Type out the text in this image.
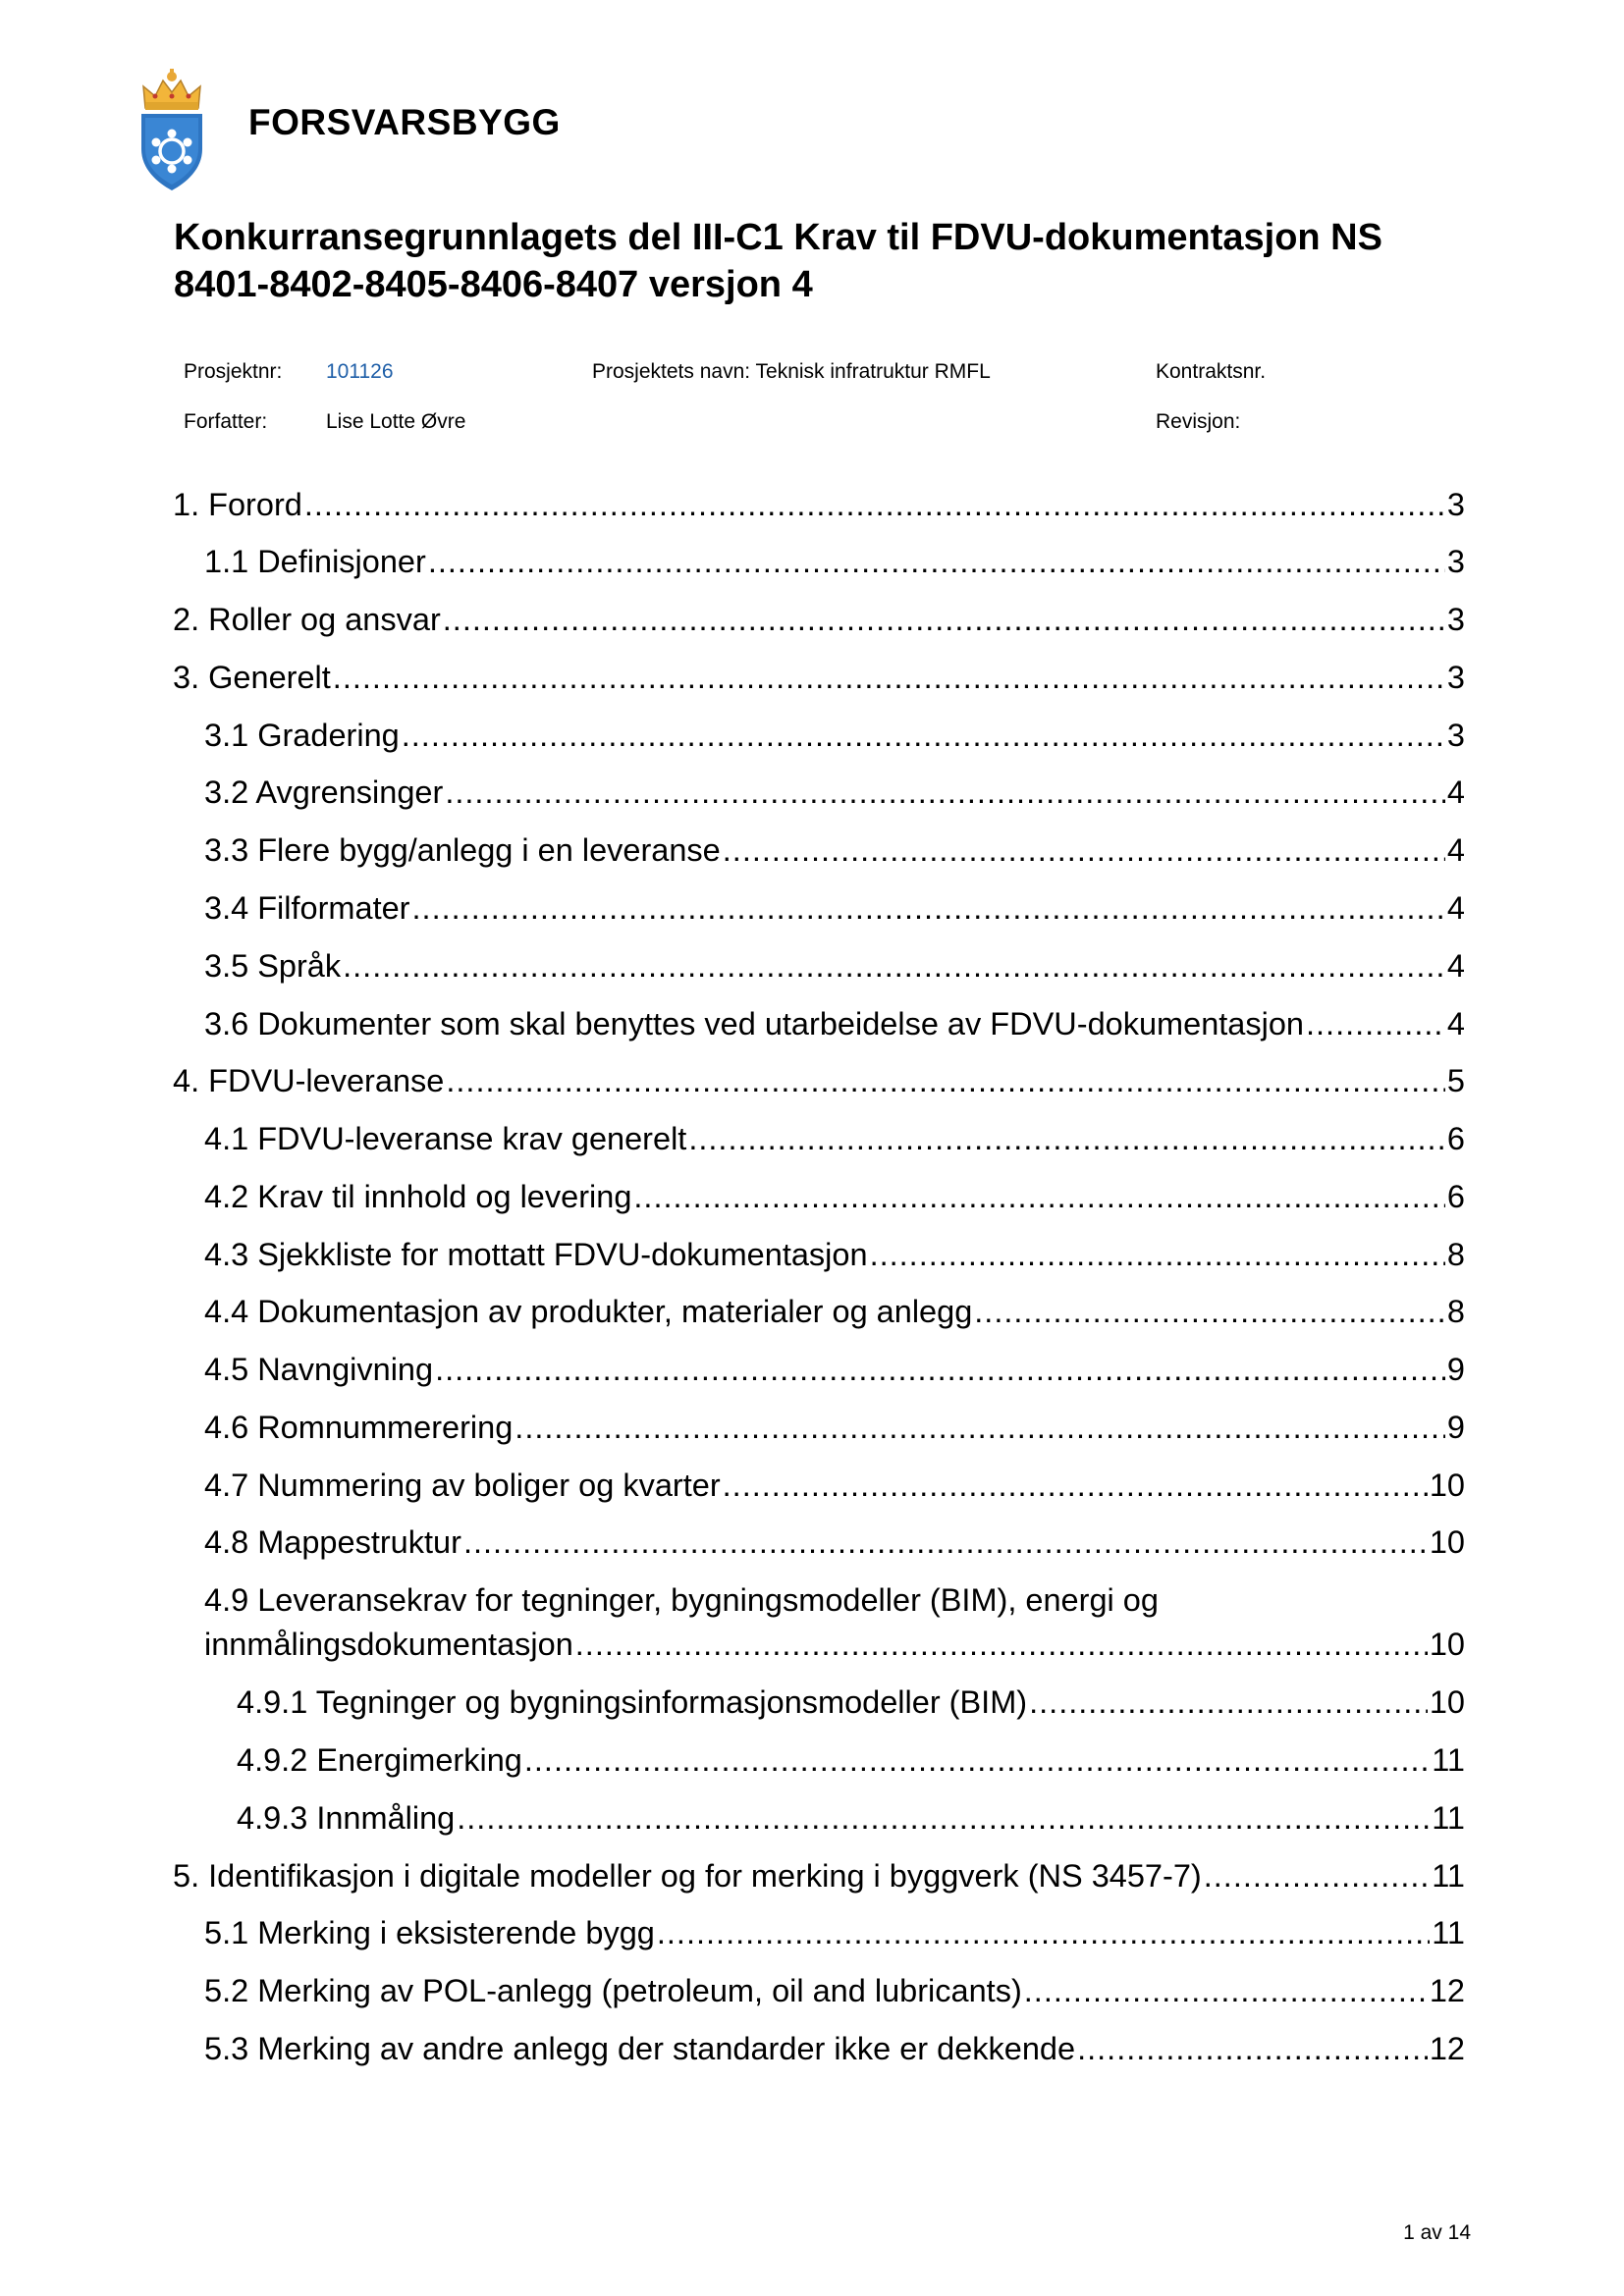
FORSVARSBYGG
Konkurransegrunnlagets del III-C1 Krav til FDVU-dokumentasjon NS 8401-8402-8405-8406-8407 versjon 4
Prosjektnr: 101126	Prosjektets navn: Teknisk infratruktur RMFL	Kontraktsnr.
Forfatter:	Lise Lotte Øvre	Revisjon:
1. Forord .....	3
1.1 Definisjoner .....	3
2. Roller og ansvar .....	3
3. Generelt .....	3
3.1 Gradering .....	3
3.2 Avgrensinger .....	4
3.3 Flere bygg/anlegg i en leveranse .....	4
3.4 Filformater .....	4
3.5 Språk .....	4
3.6 Dokumenter som skal benyttes ved utarbeidelse av FDVU-dokumentasjon .....	4
4. FDVU-leveranse .....	5
4.1 FDVU-leveranse krav generelt .....	6
4.2 Krav til innhold og levering .....	6
4.3 Sjekkliste for mottatt FDVU-dokumentasjon .....	8
4.4 Dokumentasjon av produkter, materialer og anlegg .....	8
4.5 Navngivning .....	9
4.6 Romnummerering .....	9
4.7 Nummering av boliger og kvarter .....	10
4.8 Mappestruktur .....	10
4.9 Leveransekrav for tegninger, bygningsmodeller (BIM), energi og
innmålingsdokumentasjon .....	10
4.9.1 Tegninger og bygningsinformasjonsmodeller (BIM) .....	10
4.9.2 Energimerking .....	11
4.9.3 Innmåling .....	11
5. Identifikasjon i digitale modeller og for merking i byggverk (NS 3457-7) .....	11
5.1 Merking i eksisterende bygg .....	11
5.2 Merking av POL-anlegg (petroleum, oil and lubricants) .....	12
5.3 Merking av andre anlegg der standarder ikke er dekkende .....	12
1 av 14
